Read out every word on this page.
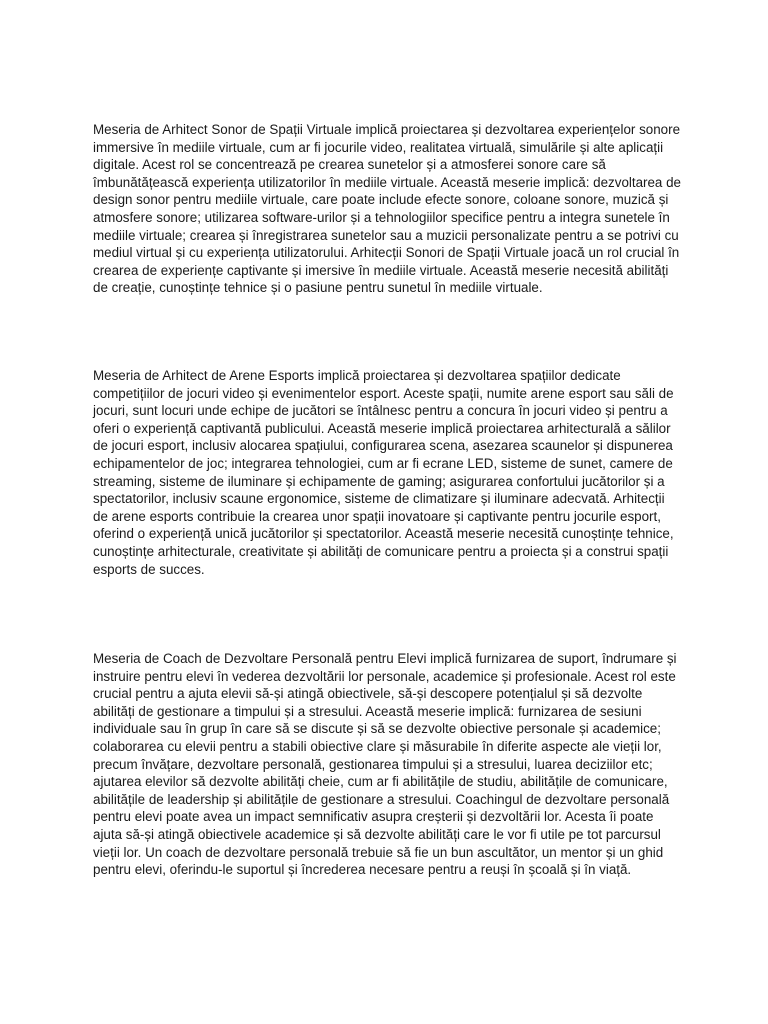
Meseria de Arhitect Sonor de Spații Virtuale implică proiectarea și dezvoltarea experiențelor sonore immersive în mediile virtuale, cum ar fi jocurile video, realitatea virtuală, simulările și alte aplicații digitale. Acest rol se concentrează pe crearea sunetelor și a atmosferei sonore care să îmbunătățească experiența utilizatorilor în mediile virtuale. Această meserie implică: dezvoltarea de design sonor pentru mediile virtuale, care poate include efecte sonore, coloane sonore, muzică și atmosfere sonore; utilizarea software-urilor și a tehnologiilor specifice pentru a integra sunetele în mediile virtuale; crearea și înregistrarea sunetelor sau a muzicii personalizate pentru a se potrivi cu mediul virtual și cu experiența utilizatorului. Arhitecții Sonori de Spații Virtuale joacă un rol crucial în crearea de experiențe captivante și imersive în mediile virtuale. Această meserie necesită abilități de creație, cunoștințe tehnice și o pasiune pentru sunetul în mediile virtuale.

Meseria de Arhitect de Arene Esports implică proiectarea și dezvoltarea spațiilor dedicate competițiilor de jocuri video și evenimentelor esport. Aceste spații, numite arene esport sau săli de jocuri, sunt locuri unde echipe de jucători se întâlnesc pentru a concura în jocuri video și pentru a oferi o experiență captivantă publicului. Această meserie implică proiectarea arhitecturală a sălilor de jocuri esport, inclusiv alocarea spațiului, configurarea scena, asezarea scaunelor și dispunerea echipamentelor de joc; integrarea tehnologiei, cum ar fi ecrane LED, sisteme de sunet, camere de streaming, sisteme de iluminare și echipamente de gaming; asigurarea confortului jucătorilor și a spectatorilor, inclusiv scaune ergonomice, sisteme de climatizare și iluminare adecvată. Arhitecții de arene esports contribuie la crearea unor spații inovatoare și captivante pentru jocurile esport, oferind o experiență unică jucătorilor și spectatorilor. Această meserie necesită cunoștințe tehnice, cunoștințe arhitecturale, creativitate și abilități de comunicare pentru a proiecta și a construi spații esports de succes.

Meseria de Coach de Dezvoltare Personală pentru Elevi implică furnizarea de suport, îndrumare și instruire pentru elevi în vederea dezvoltării lor personale, academice și profesionale. Acest rol este crucial pentru a ajuta elevii să-și atingă obiectivele, să-și descopere potențialul și să dezvolte abilități de gestionare a timpului și a stresului. Această meserie implică: furnizarea de sesiuni individuale sau în grup în care să se discute și să se dezvolte obiective personale și academice; colaborarea cu elevii pentru a stabili obiective clare și măsurabile în diferite aspecte ale vieții lor, precum învățare, dezvoltare personală, gestionarea timpului și a stresului, luarea deciziilor etc; ajutarea elevilor să dezvolte abilități cheie, cum ar fi abilitățile de studiu, abilitățile de comunicare, abilitățile de leadership și abilitățile de gestionare a stresului. Coachingul de dezvoltare personală pentru elevi poate avea un impact semnificativ asupra creșterii și dezvoltării lor. Acesta îi poate ajuta să-și atingă obiectivele academice și să dezvolte abilități care le vor fi utile pe tot parcursul vieții lor. Un coach de dezvoltare personală trebuie să fie un bun ascultător, un mentor și un ghid pentru elevi, oferindu-le suportul și încrederea necesare pentru a reuși în școală și în viață.
